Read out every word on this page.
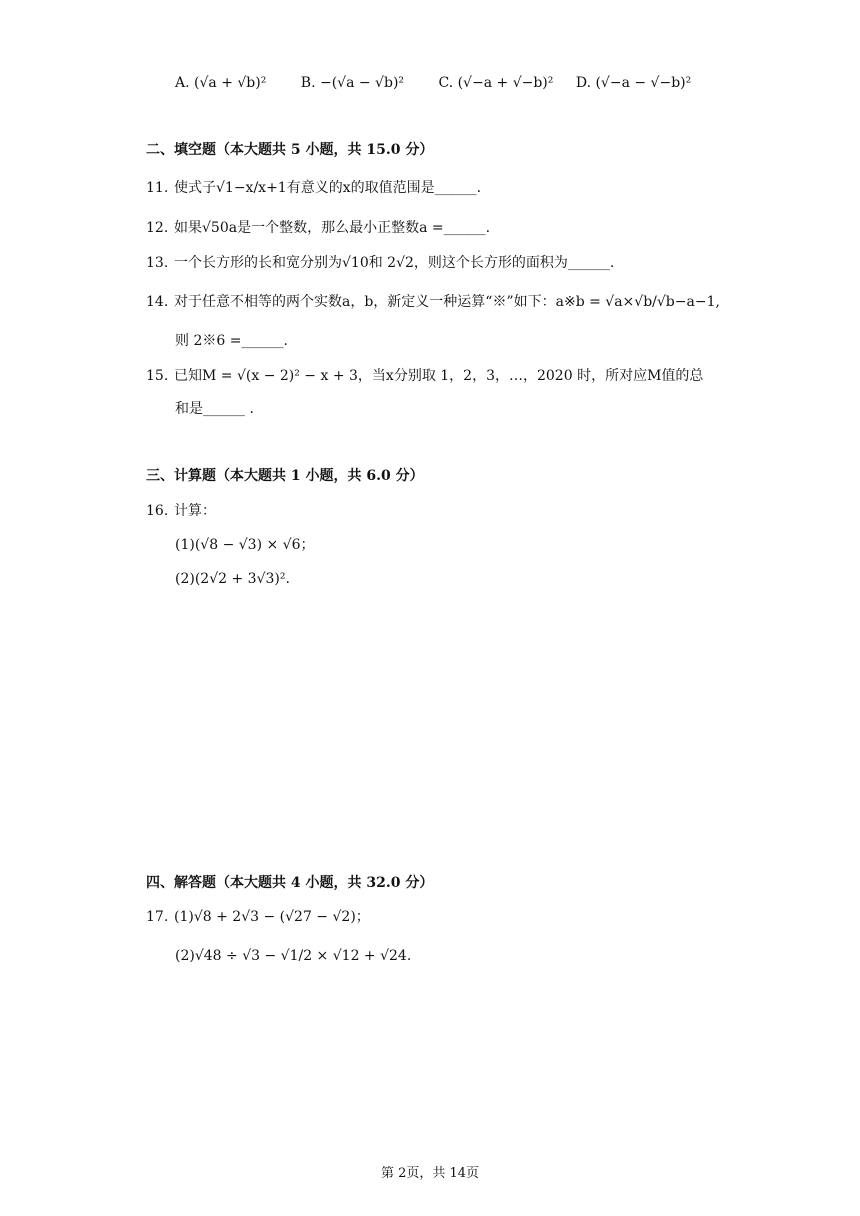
A. (√a + √b)² B. −(√a − √b)² C. (√−a + √−b)² D. (√−a − √−b)²
二、填空题（本大题共 5 小题，共 15.0 分）
11. 使式子√1−x/x+1有意义的x的取值范围是______.
12. 如果√50a是一个整数，那么最小正整数a =______.
13. 一个长方形的长和宽分别为√10和 2√2，则这个长方形的面积为______.
14. 对于任意不相等的两个实数a，b，新定义一种运算“※”如下：a※b = √a×√b/√b−a−1,
则 2※6 =______.
15. 已知M = √(x − 2)² − x + 3，当x分别取 1，2，3，…，2020 时，所对应M值的总
和是______ .
三、计算题（本大题共 1 小题，共 6.0 分）
16. 计算：
(1)(√8 − √3) × √6；
(2)(2√2 + 3√3)².
四、解答题（本大题共 4 小题，共 32.0 分）
17. (1)√8 + 2√3 − (√27 − √2)；
(2)√48 ÷ √3 − √1/2 × √12 + √24.
第 2页，共 14页
